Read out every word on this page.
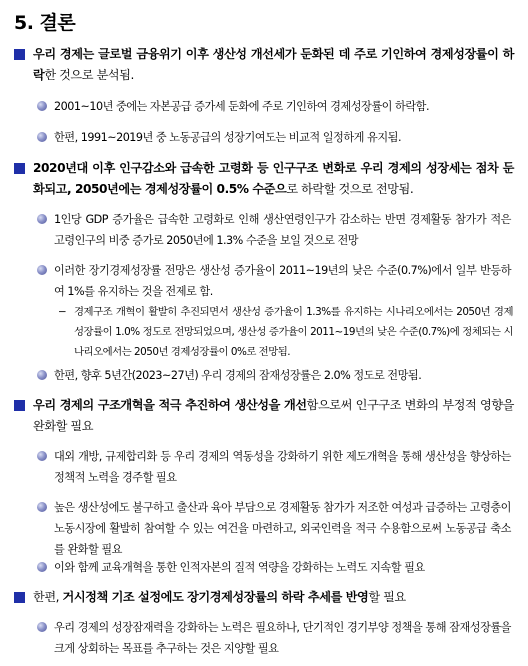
5. 결론
우리 경제는 글로벌 금융위기 이후 생산성 개선세가 둔화된 데 주로 기인하여 경제성장률이 하락한 것으로 분석됨.
2001~10년 중에는 자본공급 증가세 둔화에 주로 기인하여 경제성장률이 하락함.
한편, 1991~2019년 중 노동공급의 성장기여도는 비교적 일정하게 유지됨.
2020년대 이후 인구감소와 급속한 고령화 등 인구구조 변화로 우리 경제의 성장세는 점차 둔화되고, 2050년에는 경제성장률이 0.5% 수준으로 하락할 것으로 전망됨.
1인당 GDP 증가율은 급속한 고령화로 인해 생산연령인구가 감소하는 반면 경제활동 참가가 적은 고령인구의 비중 증가로 2050년에 1.3% 수준을 보일 것으로 전망
이러한 장기경제성장률 전망은 생산성 증가율이 2011~19년의 낮은 수준(0.7%)에서 일부 반등하여 1%를 유지하는 것을 전제로 함.
− 경제구조 개혁이 활발히 추진되면서 생산성 증가율이 1.3%를 유지하는 시나리오에서는 2050년 경제성장률이 1.0% 정도로 전망되었으며, 생산성 증가율이 2011~19년의 낮은 수준(0.7%)에 정체되는 시나리오에서는 2050년 경제성장률이 0%로 전망됨.
한편, 향후 5년간(2023~27년) 우리 경제의 잠재성장률은 2.0% 정도로 전망됨.
우리 경제의 구조개혁을 적극 추진하여 생산성을 개선함으로써 인구구조 변화의 부정적 영향을 완화할 필요
대외 개방, 규제합리화 등 우리 경제의 역동성을 강화하기 위한 제도개혁을 통해 생산성을 향상하는 정책적 노력을 경주할 필요
높은 생산성에도 불구하고 출산과 육아 부담으로 경제활동 참가가 저조한 여성과 급증하는 고령층이 노동시장에 활발히 참여할 수 있는 여건을 마련하고, 외국인력을 적극 수용함으로써 노동공급 축소를 완화할 필요
이와 함께 교육개혁을 통한 인적자본의 질적 역량을 강화하는 노력도 지속할 필요
한편, 거시정책 기조 설정에도 장기경제성장률의 하락 추세를 반영할 필요
우리 경제의 성장잠재력을 강화하는 노력은 필요하나, 단기적인 경기부양 정책을 통해 잠재성장률을 크게 상회하는 목표를 추구하는 것은 지양할 필요
